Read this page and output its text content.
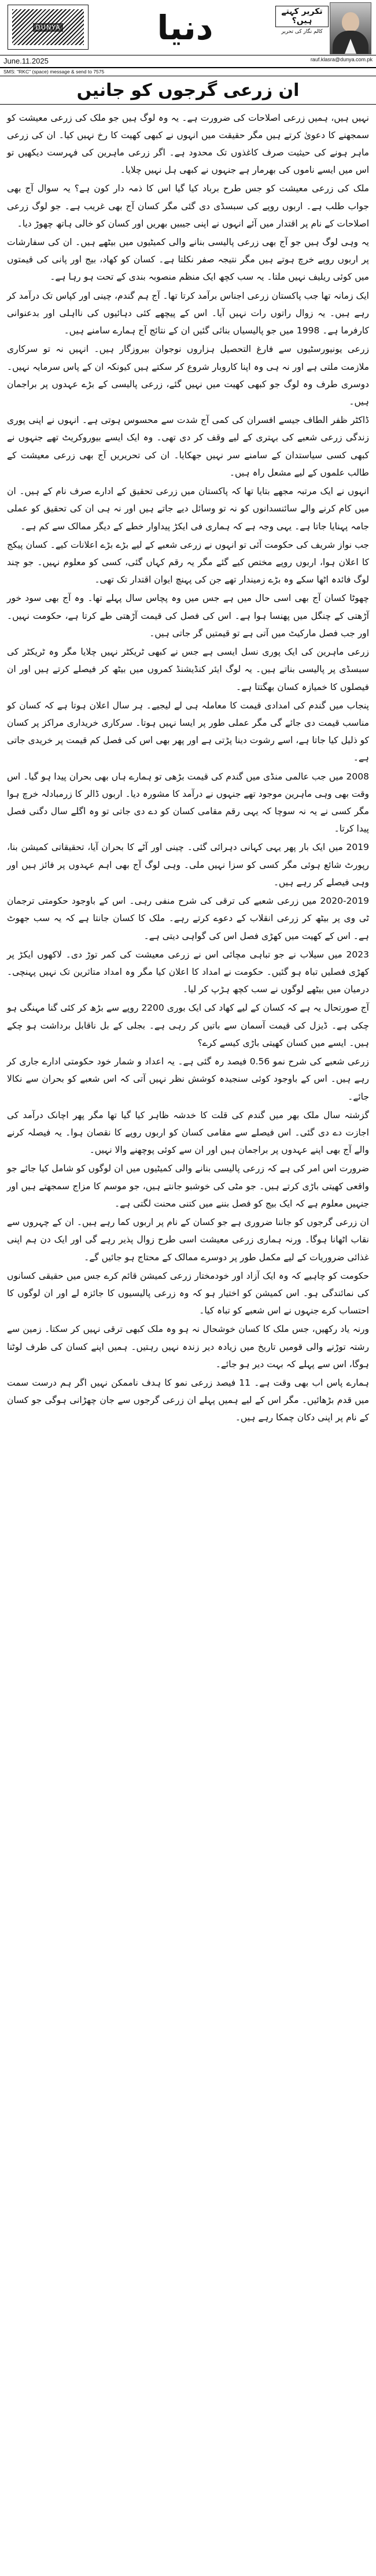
DUNYA	دنیا	تکریر کہتے ہیں؟
کالم نگار کی تحریر
June.11.2025	rauf.klasra@dunya.com.pk
SMS: "RKC" (space) message & send to 7575
ان زرعی گرجوں کو جانیں

نہیں ہیں، ہمیں زرعی اصلاحات کی ضرورت ہے۔ یہ وہ لوگ ہیں جو ملک کی زرعی معیشت کو سمجھنے کا دعویٰ کرتے ہیں مگر حقیقت میں انہوں نے کبھی کھیت کا رخ نہیں کیا۔ ان کی زرعی ماہر ہونے کی حیثیت صرف کاغذوں تک محدود ہے۔ اگر زرعی ماہرین کی فہرست دیکھیں تو اس میں ایسے ناموں کی بھرمار ہے جنہوں نے کبھی ہل نہیں چلایا۔

ملک کی زرعی معیشت کو جس طرح برباد کیا گیا اس کا ذمہ دار کون ہے؟ یہ سوال آج بھی جواب طلب ہے۔ اربوں روپے کی سبسڈی دی گئی مگر کسان آج بھی غریب ہے۔ جو لوگ زرعی اصلاحات کے نام پر اقتدار میں آئے انہوں نے اپنی جیبیں بھریں اور کسان کو خالی ہاتھ چھوڑ دیا۔

یہ وہی لوگ ہیں جو آج بھی زرعی پالیسی بنانے والی کمیٹیوں میں بیٹھے ہیں۔ ان کی سفارشات پر اربوں روپے خرچ ہوتے ہیں مگر نتیجہ صفر نکلتا ہے۔ کسان کو کھاد، بیج اور پانی کی قیمتوں میں کوئی ریلیف نہیں ملتا۔ یہ سب کچھ ایک منظم منصوبہ بندی کے تحت ہو رہا ہے۔

ایک زمانہ تھا جب پاکستان زرعی اجناس برآمد کرتا تھا۔ آج ہم گندم، چینی اور کپاس تک درآمد کر رہے ہیں۔ یہ زوال راتوں رات نہیں آیا۔ اس کے پیچھے کئی دہائیوں کی نااہلی اور بدعنوانی کارفرما ہے۔ 1998 میں جو پالیسیاں بنائی گئیں ان کے نتائج آج ہمارے سامنے ہیں۔

زرعی یونیورسٹیوں سے فارغ التحصیل ہزاروں نوجوان بیروزگار ہیں۔ انہیں نہ تو سرکاری ملازمت ملتی ہے اور نہ ہی وہ اپنا کاروبار شروع کر سکتے ہیں کیونکہ ان کے پاس سرمایہ نہیں۔ دوسری طرف وہ لوگ جو کبھی کھیت میں نہیں گئے، زرعی پالیسی کے بڑے عہدوں پر براجمان ہیں۔

ڈاکٹر ظفر الطاف جیسے افسران کی کمی آج شدت سے محسوس ہوتی ہے۔ انہوں نے اپنی پوری زندگی زرعی شعبے کی بہتری کے لیے وقف کر دی تھی۔ وہ ایک ایسے بیوروکریٹ تھے جنہوں نے کبھی کسی سیاستدان کے سامنے سر نہیں جھکایا۔ ان کی تحریریں آج بھی زرعی معیشت کے طالب علموں کے لیے مشعل راہ ہیں۔

انہوں نے ایک مرتبہ مجھے بتایا تھا کہ پاکستان میں زرعی تحقیق کے ادارے صرف نام کے ہیں۔ ان میں کام کرنے والے سائنسدانوں کو نہ تو وسائل دیے جاتے ہیں اور نہ ہی ان کی تحقیق کو عملی جامہ پہنایا جاتا ہے۔ یہی وجہ ہے کہ ہماری فی ایکڑ پیداوار خطے کے دیگر ممالک سے کم ہے۔

جب نواز شریف کی حکومت آئی تو انہوں نے زرعی شعبے کے لیے بڑے بڑے اعلانات کیے۔ کسان پیکج کا اعلان ہوا، اربوں روپے مختص کیے گئے مگر یہ رقم کہاں گئی، کسی کو معلوم نہیں۔ جو چند لوگ فائدہ اٹھا سکے وہ بڑے زمیندار تھے جن کی پہنچ ایوان اقتدار تک تھی۔

چھوٹا کسان آج بھی اسی حال میں ہے جس میں وہ پچاس سال پہلے تھا۔ وہ آج بھی سود خور آڑھتی کے چنگل میں پھنسا ہوا ہے۔ اس کی فصل کی قیمت آڑھتی طے کرتا ہے، حکومت نہیں۔ اور جب فصل مارکیٹ میں آتی ہے تو قیمتیں گر جاتی ہیں۔

زرعی ماہرین کی ایک پوری نسل ایسی ہے جس نے کبھی ٹریکٹر نہیں چلایا مگر وہ ٹریکٹر کی سبسڈی پر پالیسی بناتے ہیں۔ یہ لوگ ایئر کنڈیشنڈ کمروں میں بیٹھ کر فیصلے کرتے ہیں اور ان فیصلوں کا خمیازہ کسان بھگتتا ہے۔

پنجاب میں گندم کی امدادی قیمت کا معاملہ ہی لے لیجیے۔ ہر سال اعلان ہوتا ہے کہ کسان کو مناسب قیمت دی جائے گی مگر عملی طور پر ایسا نہیں ہوتا۔ سرکاری خریداری مراکز پر کسان کو ذلیل کیا جاتا ہے، اسے رشوت دینا پڑتی ہے اور پھر بھی اس کی فصل کم قیمت پر خریدی جاتی ہے۔

2008 میں جب عالمی منڈی میں گندم کی قیمت بڑھی تو ہمارے ہاں بھی بحران پیدا ہو گیا۔ اس وقت بھی وہی ماہرین موجود تھے جنہوں نے درآمد کا مشورہ دیا۔ اربوں ڈالر کا زرمبادلہ خرچ ہوا مگر کسی نے یہ نہ سوچا کہ یہی رقم مقامی کسان کو دے دی جاتی تو وہ اگلے سال دگنی فصل پیدا کرتا۔

2019 میں ایک بار پھر یہی کہانی دہرائی گئی۔ چینی اور آٹے کا بحران آیا، تحقیقاتی کمیشن بنا، رپورٹ شائع ہوئی مگر کسی کو سزا نہیں ملی۔ وہی لوگ آج بھی اہم عہدوں پر فائز ہیں اور وہی فیصلے کر رہے ہیں۔

2020-2019 میں زرعی شعبے کی ترقی کی شرح منفی رہی۔ اس کے باوجود حکومتی ترجمان ٹی وی پر بیٹھ کر زرعی انقلاب کے دعوے کرتے رہے۔ ملک کا کسان جانتا ہے کہ یہ سب جھوٹ ہے۔ اس کے کھیت میں کھڑی فصل اس کی گواہی دیتی ہے۔

2023 میں سیلاب نے جو تباہی مچائی اس نے زرعی معیشت کی کمر توڑ دی۔ لاکھوں ایکڑ پر کھڑی فصلیں تباہ ہو گئیں۔ حکومت نے امداد کا اعلان کیا مگر وہ امداد متاثرین تک نہیں پہنچی۔ درمیان میں بیٹھے لوگوں نے سب کچھ ہڑپ کر لیا۔

آج صورتحال یہ ہے کہ کسان کے لیے کھاد کی ایک بوری 2200 روپے سے بڑھ کر کئی گنا مہنگی ہو چکی ہے۔ ڈیزل کی قیمت آسمان سے باتیں کر رہی ہے۔ بجلی کے بل ناقابل برداشت ہو چکے ہیں۔ ایسے میں کسان کھیتی باڑی کیسے کرے؟

زرعی شعبے کی شرح نمو 0.56 فیصد رہ گئی ہے۔ یہ اعداد و شمار خود حکومتی ادارے جاری کر رہے ہیں۔ اس کے باوجود کوئی سنجیدہ کوشش نظر نہیں آتی کہ اس شعبے کو بحران سے نکالا جائے۔

گزشتہ سال ملک بھر میں گندم کی قلت کا خدشہ ظاہر کیا گیا تھا مگر پھر اچانک درآمد کی اجازت دے دی گئی۔ اس فیصلے سے مقامی کسان کو اربوں روپے کا نقصان ہوا۔ یہ فیصلہ کرنے والے آج بھی اپنے عہدوں پر براجمان ہیں اور ان سے کوئی پوچھنے والا نہیں۔

ضرورت اس امر کی ہے کہ زرعی پالیسی بنانے والی کمیٹیوں میں ان لوگوں کو شامل کیا جائے جو واقعی کھیتی باڑی کرتے ہیں۔ جو مٹی کی خوشبو جانتے ہیں، جو موسم کا مزاج سمجھتے ہیں اور جنہیں معلوم ہے کہ ایک بیج کو فصل بننے میں کتنی محنت لگتی ہے۔

ان زرعی گرجوں کو جاننا ضروری ہے جو کسان کے نام پر اربوں کما رہے ہیں۔ ان کے چہروں سے نقاب اٹھانا ہوگا۔ ورنہ ہماری زرعی معیشت اسی طرح زوال پذیر رہے گی اور ایک دن ہم اپنی غذائی ضروریات کے لیے مکمل طور پر دوسرے ممالک کے محتاج ہو جائیں گے۔

حکومت کو چاہیے کہ وہ ایک آزاد اور خودمختار زرعی کمیشن قائم کرے جس میں حقیقی کسانوں کی نمائندگی ہو۔ اس کمیشن کو اختیار ہو کہ وہ زرعی پالیسیوں کا جائزہ لے اور ان لوگوں کا احتساب کرے جنہوں نے اس شعبے کو تباہ کیا۔

ورنہ یاد رکھیں، جس ملک کا کسان خوشحال نہ ہو وہ ملک کبھی ترقی نہیں کر سکتا۔ زمین سے رشتہ توڑنے والی قومیں تاریخ میں زیادہ دیر زندہ نہیں رہتیں۔ ہمیں اپنے کسان کی طرف لوٹنا ہوگا، اس سے پہلے کہ بہت دیر ہو جائے۔

ہمارے پاس اب بھی وقت ہے۔ 11 فیصد زرعی نمو کا ہدف ناممکن نہیں اگر ہم درست سمت میں قدم بڑھائیں۔ مگر اس کے لیے ہمیں پہلے ان زرعی گرجوں سے جان چھڑانی ہوگی جو کسان کے نام پر اپنی دکان چمکا رہے ہیں۔
